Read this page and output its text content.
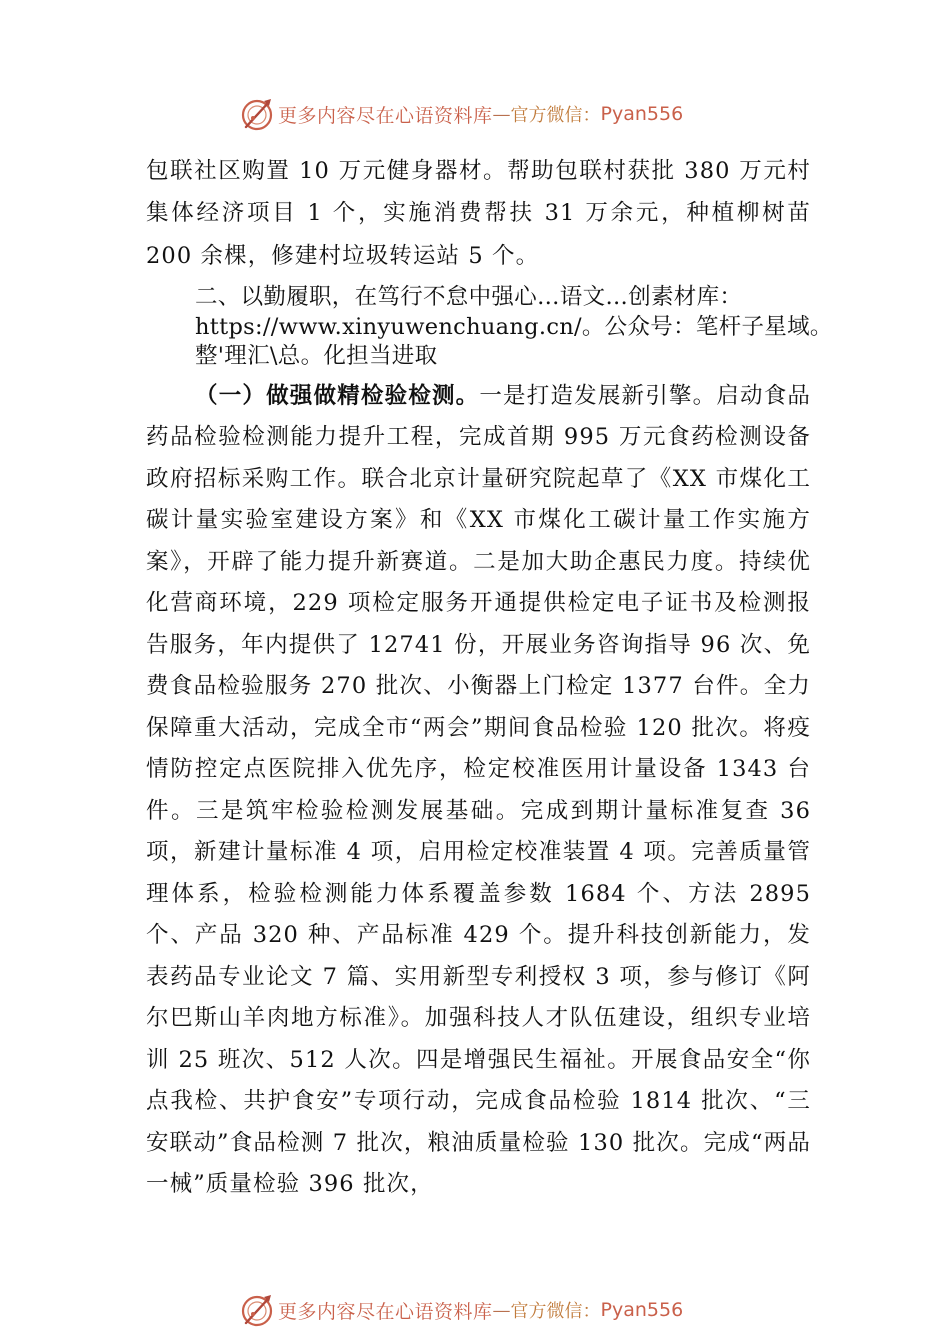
更多内容尽在心语资料库 — 官方微信： Pyan556

包联社区购置 10 万元健身器材。帮助包联村获批 380 万元村集体经济项目 1 个，实施消费帮扶 31 万余元，种植柳树苗 200 余棵，修建村垃圾转运站 5 个。

二、以勤履职，在笃行不怠中强心…语文…创素材库：
https://www.xinyuwenchuang.cn/。公众号：笔杆子星域。
整'理汇\总。化担当进取

（一）做强做精检验检测。一是打造发展新引擎。启动食品药品检验检测能力提升工程，完成首期 995 万元食药检测设备政府招标采购工作。联合北京计量研究院起草了《XX 市煤化工碳计量实验室建设方案》和《XX 市煤化工碳计量工作实施方案》，开辟了能力提升新赛道。二是加大助企惠民力度。持续优化营商环境，229 项检定服务开通提供检定电子证书及检测报告服务，年内提供了 12741 份，开展业务咨询指导 96 次、免费食品检验服务 270 批次、小衡器上门检定 1377 台件。全力保障重大活动，完成全市“两会”期间食品检验 120 批次。将疫情防控定点医院排入优先序，检定校准医用计量设备 1343 台件。三是筑牢检验检测发展基础。完成到期计量标准复查 36 项，新建计量标准 4 项，启用检定校准装置 4 项。完善质量管理体系，检验检测能力体系覆盖参数 1684 个、方法 2895 个、产品 320 种、产品标准 429 个。提升科技创新能力，发表药品专业论文 7 篇、实用新型专利授权 3 项，参与修订《阿尔巴斯山羊肉地方标准》。加强科技人才队伍建设，组织专业培训 25 班次、512 人次。四是增强民生福祉。开展食品安全“你点我检、共护食安”专项行动，完成食品检验 1814 批次、“三安联动”食品检测 7 批次，粮油质量检验 130 批次。完成“两品一械”质量检验 396 批次，

更多内容尽在心语资料库 — 官方微信： Pyan556
